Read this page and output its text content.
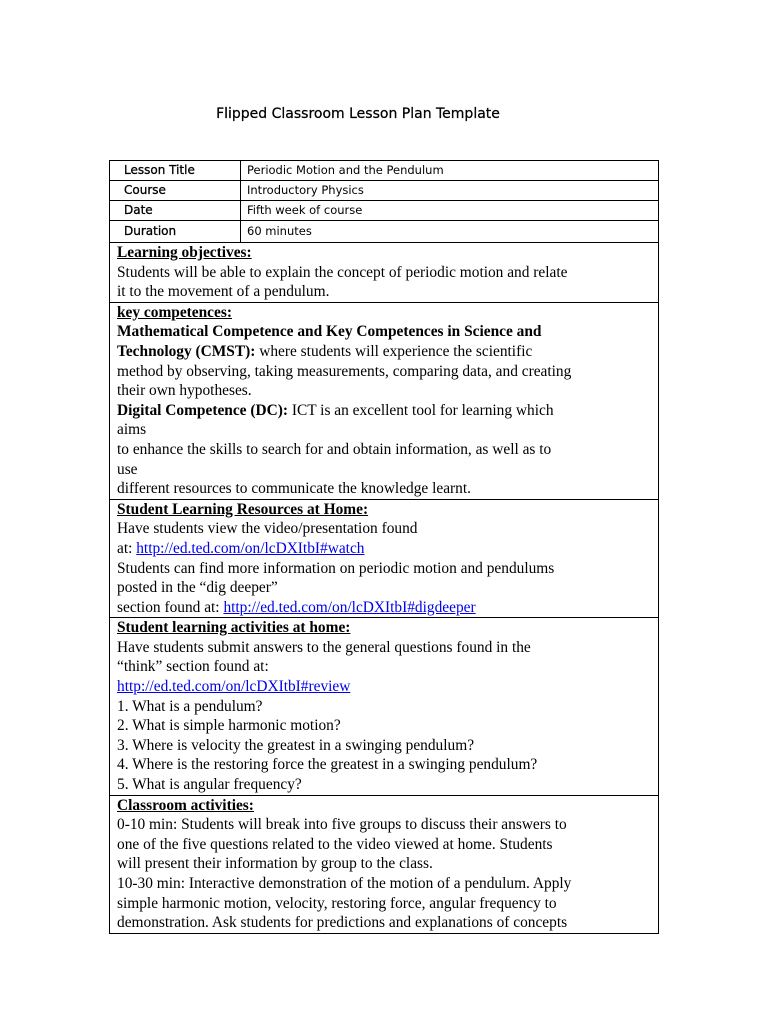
Flipped Classroom Lesson Plan Template
Lesson Title	Periodic Motion and the Pendulum
Course	Introductory Physics
Date	Fifth week of course
Duration	60 minutes
Learning objectives:
Students will be able to explain the concept of periodic motion and relate
it to the movement of a pendulum.
key competences:
Mathematical Competence and Key Competences in Science and
Technology (CMST): where students will experience the scientific
method by observing, taking measurements, comparing data, and creating
their own hypotheses.
Digital Competence (DC): ICT is an excellent tool for learning which
aims
to enhance the skills to search for and obtain information, as well as to
use
different resources to communicate the knowledge learnt.
Student Learning Resources at Home:
Have students view the video/presentation found
at: http://ed.ted.com/on/lcDXItbI#watch
Students can find more information on periodic motion and pendulums
posted in the “dig deeper”
section found at: http://ed.ted.com/on/lcDXItbI#digdeeper
Student learning activities at home:
Have students submit answers to the general questions found in the
“think” section found at:
http://ed.ted.com/on/lcDXItbI#review
1. What is a pendulum?
2. What is simple harmonic motion?
3. Where is velocity the greatest in a swinging pendulum?
4. Where is the restoring force the greatest in a swinging pendulum?
5. What is angular frequency?
Classroom activities:
0-10 min: Students will break into five groups to discuss their answers to
one of the five questions related to the video viewed at home. Students
will present their information by group to the class.
10-30 min: Interactive demonstration of the motion of a pendulum. Apply
simple harmonic motion, velocity, restoring force, angular frequency to
demonstration. Ask students for predictions and explanations of concepts
